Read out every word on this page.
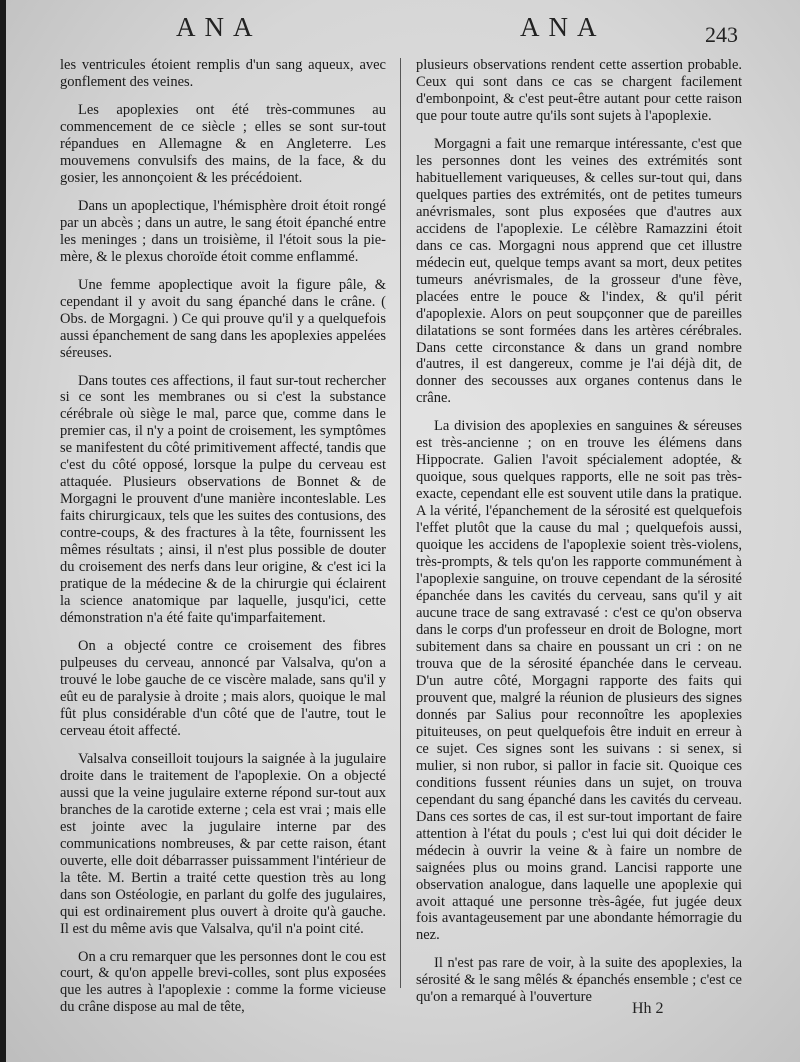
ANA	ANA	243

les ventricules étoient remplis d'un sang aqueux, avec gonflement des veines.

Les apoplexies ont été très-communes au commencement de ce siècle ; elles se sont sur-tout répandues en Allemagne & en Angleterre. Les mouvemens convulsifs des mains, de la face, & du gosier, les annonçoient & les précédoient.

Dans un apoplectique, l'hémisphère droit étoit rongé par un abcès ; dans un autre, le sang étoit épanché entre les meninges ; dans un troisième, il l'étoit sous la pie-mère, & le plexus choroïde étoit comme enflammé.

Une femme apoplectique avoit la figure pâle, & cependant il y avoit du sang épanché dans le crâne. ( Obs. de Morgagni. ) Ce qui prouve qu'il y a quelquefois aussi épanchement de sang dans les apoplexies appelées séreuses.

Dans toutes ces affections, il faut sur-tout rechercher si ce sont les membranes ou si c'est la substance cérébrale où siège le mal, parce que, comme dans le premier cas, il n'y a point de croisement, les symptômes se manifestent du côté primitivement affecté, tandis que c'est du côté opposé, lorsque la pulpe du cerveau est attaquée. Plusieurs observations de Bonnet & de Morgagni le prouvent d'une manière inconteslable. Les faits chirurgicaux, tels que les suites des contusions, des contre-coups, & des fractures à la tête, fournissent les mêmes résultats ; ainsi, il n'est plus possible de douter du croisement des nerfs dans leur origine, & c'est ici la pratique de la médecine & de la chirurgie qui éclairent la science anatomique par laquelle, jusqu'ici, cette démonstration n'a été faite qu'imparfaitement.

On a objecté contre ce croisement des fibres pulpeuses du cerveau, annoncé par Valsalva, qu'on a trouvé le lobe gauche de ce viscère malade, sans qu'il y eût eu de paralysie à droite ; mais alors, quoique le mal fût plus considérable d'un côté que de l'autre, tout le cerveau étoit affecté.

Valsalva conseilloit toujours la saignée à la jugulaire droite dans le traitement de l'apoplexie. On a objecté aussi que la veine jugulaire externe répond sur-tout aux branches de la carotide externe ; cela est vrai ; mais elle est jointe avec la jugulaire interne par des communications nombreuses, & par cette raison, étant ouverte, elle doit débarrasser puissamment l'intérieur de la tête. M. Bertin a traité cette question très au long dans son Ostéologie, en parlant du golfe des jugulaires, qui est ordinairement plus ouvert à droite qu'à gauche. Il est du même avis que Valsalva, qu'il n'a point cité.

On a cru remarquer que les personnes dont le cou est court, & qu'on appelle brevi-colles, sont plus exposées que les autres à l'apoplexie : comme la forme vicieuse du crâne dispose au mal de tête,

plusieurs observations rendent cette assertion probable. Ceux qui sont dans ce cas se chargent facilement d'embonpoint, & c'est peut-être autant pour cette raison que pour toute autre qu'ils sont sujets à l'apoplexie.

Morgagni a fait une remarque intéressante, c'est que les personnes dont les veines des extrémités sont habituellement variqueuses, & celles sur-tout qui, dans quelques parties des extrémités, ont de petites tumeurs anévrismales, sont plus exposées que d'autres aux accidens de l'apoplexie. Le célèbre Ramazzini étoit dans ce cas. Morgagni nous apprend que cet illustre médecin eut, quelque temps avant sa mort, deux petites tumeurs anévrismales, de la grosseur d'une fève, placées entre le pouce & l'index, & qu'il périt d'apoplexie. Alors on peut soupçonner que de pareilles dilatations se sont formées dans les artères cérébrales. Dans cette circonstance & dans un grand nombre d'autres, il est dangereux, comme je l'ai déjà dit, de donner des secousses aux organes contenus dans le crâne.

La division des apoplexies en sanguines & séreuses est très-ancienne ; on en trouve les élémens dans Hippocrate. Galien l'avoit spécialement adoptée, & quoique, sous quelques rapports, elle ne soit pas très-exacte, cependant elle est souvent utile dans la pratique. A la vérité, l'épanchement de la sérosité est quelquefois l'effet plutôt que la cause du mal ; quelquefois aussi, quoique les accidens de l'apoplexie soient très-violens, très-prompts, & tels qu'on les rapporte communément à l'apoplexie sanguine, on trouve cependant de la sérosité épanchée dans les cavités du cerveau, sans qu'il y ait aucune trace de sang extravasé : c'est ce qu'on observa dans le corps d'un professeur en droit de Bologne, mort subitement dans sa chaire en poussant un cri : on ne trouva que de la sérosité épanchée dans le cerveau. D'un autre côté, Morgagni rapporte des faits qui prouvent que, malgré la réunion de plusieurs des signes donnés par Salius pour reconnoître les apoplexies pituiteuses, on peut quelquefois être induit en erreur à ce sujet. Ces signes sont les suivans : si senex, si mulier, si non rubor, si pallor in facie sit. Quoique ces conditions fussent réunies dans un sujet, on trouva cependant du sang épanché dans les cavités du cerveau. Dans ces sortes de cas, il est sur-tout important de faire attention à l'état du pouls ; c'est lui qui doit décider le médecin à ouvrir la veine & à faire un nombre de saignées plus ou moins grand. Lancisi rapporte une observation analogue, dans laquelle une apoplexie qui avoit attaqué une personne très-âgée, fut jugée deux fois avantageusement par une abondante hémorragie du nez.

Il n'est pas rare de voir, à la suite des apoplexies, la sérosité & le sang mêlés & épanchés ensemble ; c'est ce qu'on a remarqué à l'ouverture

Hh 2
